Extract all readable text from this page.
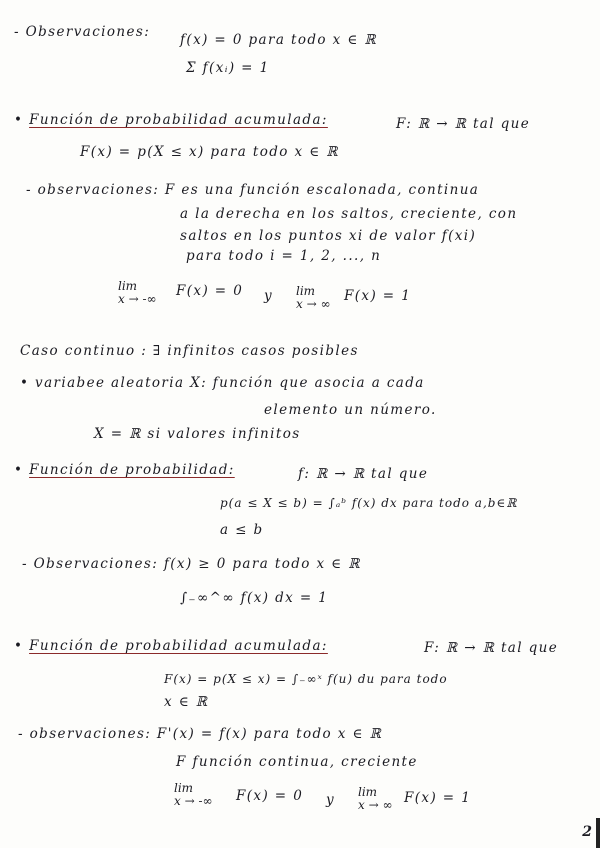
- Observaciones: f(x) = 0 para todo x ∈ ℝ
Σ f(xᵢ) = 1
• Función de probabilidad acumulada:	F: ℝ → ℝ tal que
F(x) = p(X ≤ x) para todo x ∈ ℝ
- observaciones: F es una función escalonada, continua
a la derecha en los saltos, creciente, con
saltos en los puntos xi de valor f(xi)
para todo i = 1, 2, ..., n
lim
x → -∞ F(x) = 0 y lim
x → ∞ F(x) = 1
Caso continuo : ∃ infinitos casos posibles
• variabee aleatoria X: función que asocia a cada
elemento un número.
X = ℝ si valores infinitos
• Función de probabilidad:	f: ℝ → ℝ tal que
p(a ≤ X ≤ b) = ∫ₐᵇ f(x) dx para todo a,b∈ℝ
a ≤ b
- Observaciones: f(x) ≥ 0 para todo x ∈ ℝ
∫₋∞^∞ f(x) dx = 1
• Función de probabilidad acumulada:	F: ℝ → ℝ tal que
F(x) = p(X ≤ x) = ∫₋∞ˣ f(u) du para todo
x ∈ ℝ
- observaciones: F'(x) = f(x) para todo x ∈ ℝ
F función continua, creciente
lim
x → -∞ F(x) = 0 y lim
x → ∞ F(x) = 1
2
